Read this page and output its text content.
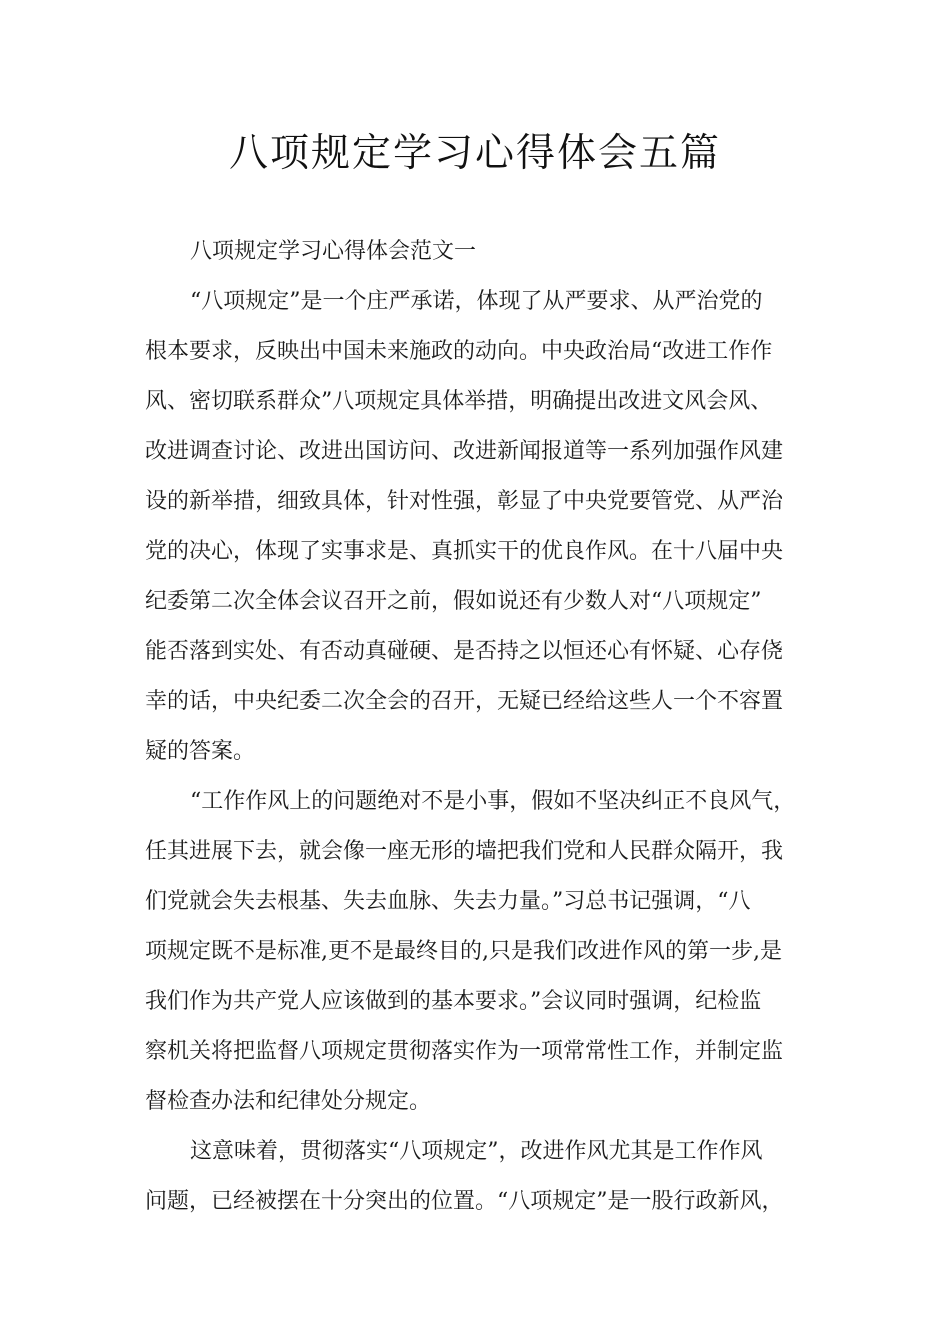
八项规定学习心得体会五篇
八项规定学习心得体会范文一
“八项规定”是一个庄严承诺，体现了从严要求、从严治党的
根本要求，反映出中国未来施政的动向。中央政治局“改进工作作
风、密切联系群众”八项规定具体举措，明确提出改进文风会风、
改进调查讨论、改进出国访问、改进新闻报道等一系列加强作风建
设的新举措，细致具体，针对性强，彰显了中央党要管党、从严治
党的决心，体现了实事求是、真抓实干的优良作风。在十八届中央
纪委第二次全体会议召开之前，假如说还有少数人对“八项规定”
能否落到实处、有否动真碰硬、是否持之以恒还心有怀疑、心存侥
幸的话，中央纪委二次全会的召开，无疑已经给这些人一个不容置
疑的答案。
“工作作风上的问题绝对不是小事，假如不坚决纠正不良风气，
任其进展下去，就会像一座无形的墙把我们党和人民群众隔开，我
们党就会失去根基、失去血脉、失去力量。”习总书记强调，“八
项规定既不是标准,更不是最终目的,只是我们改进作风的第一步,是
我们作为共产党人应该做到的基本要求。”会议同时强调，纪检监
察机关将把监督八项规定贯彻落实作为一项常常性工作，并制定监
督检查办法和纪律处分规定。
这意味着，贯彻落实“八项规定”，改进作风尤其是工作作风
问题，已经被摆在十分突出的位置。“八项规定”是一股行政新风，
